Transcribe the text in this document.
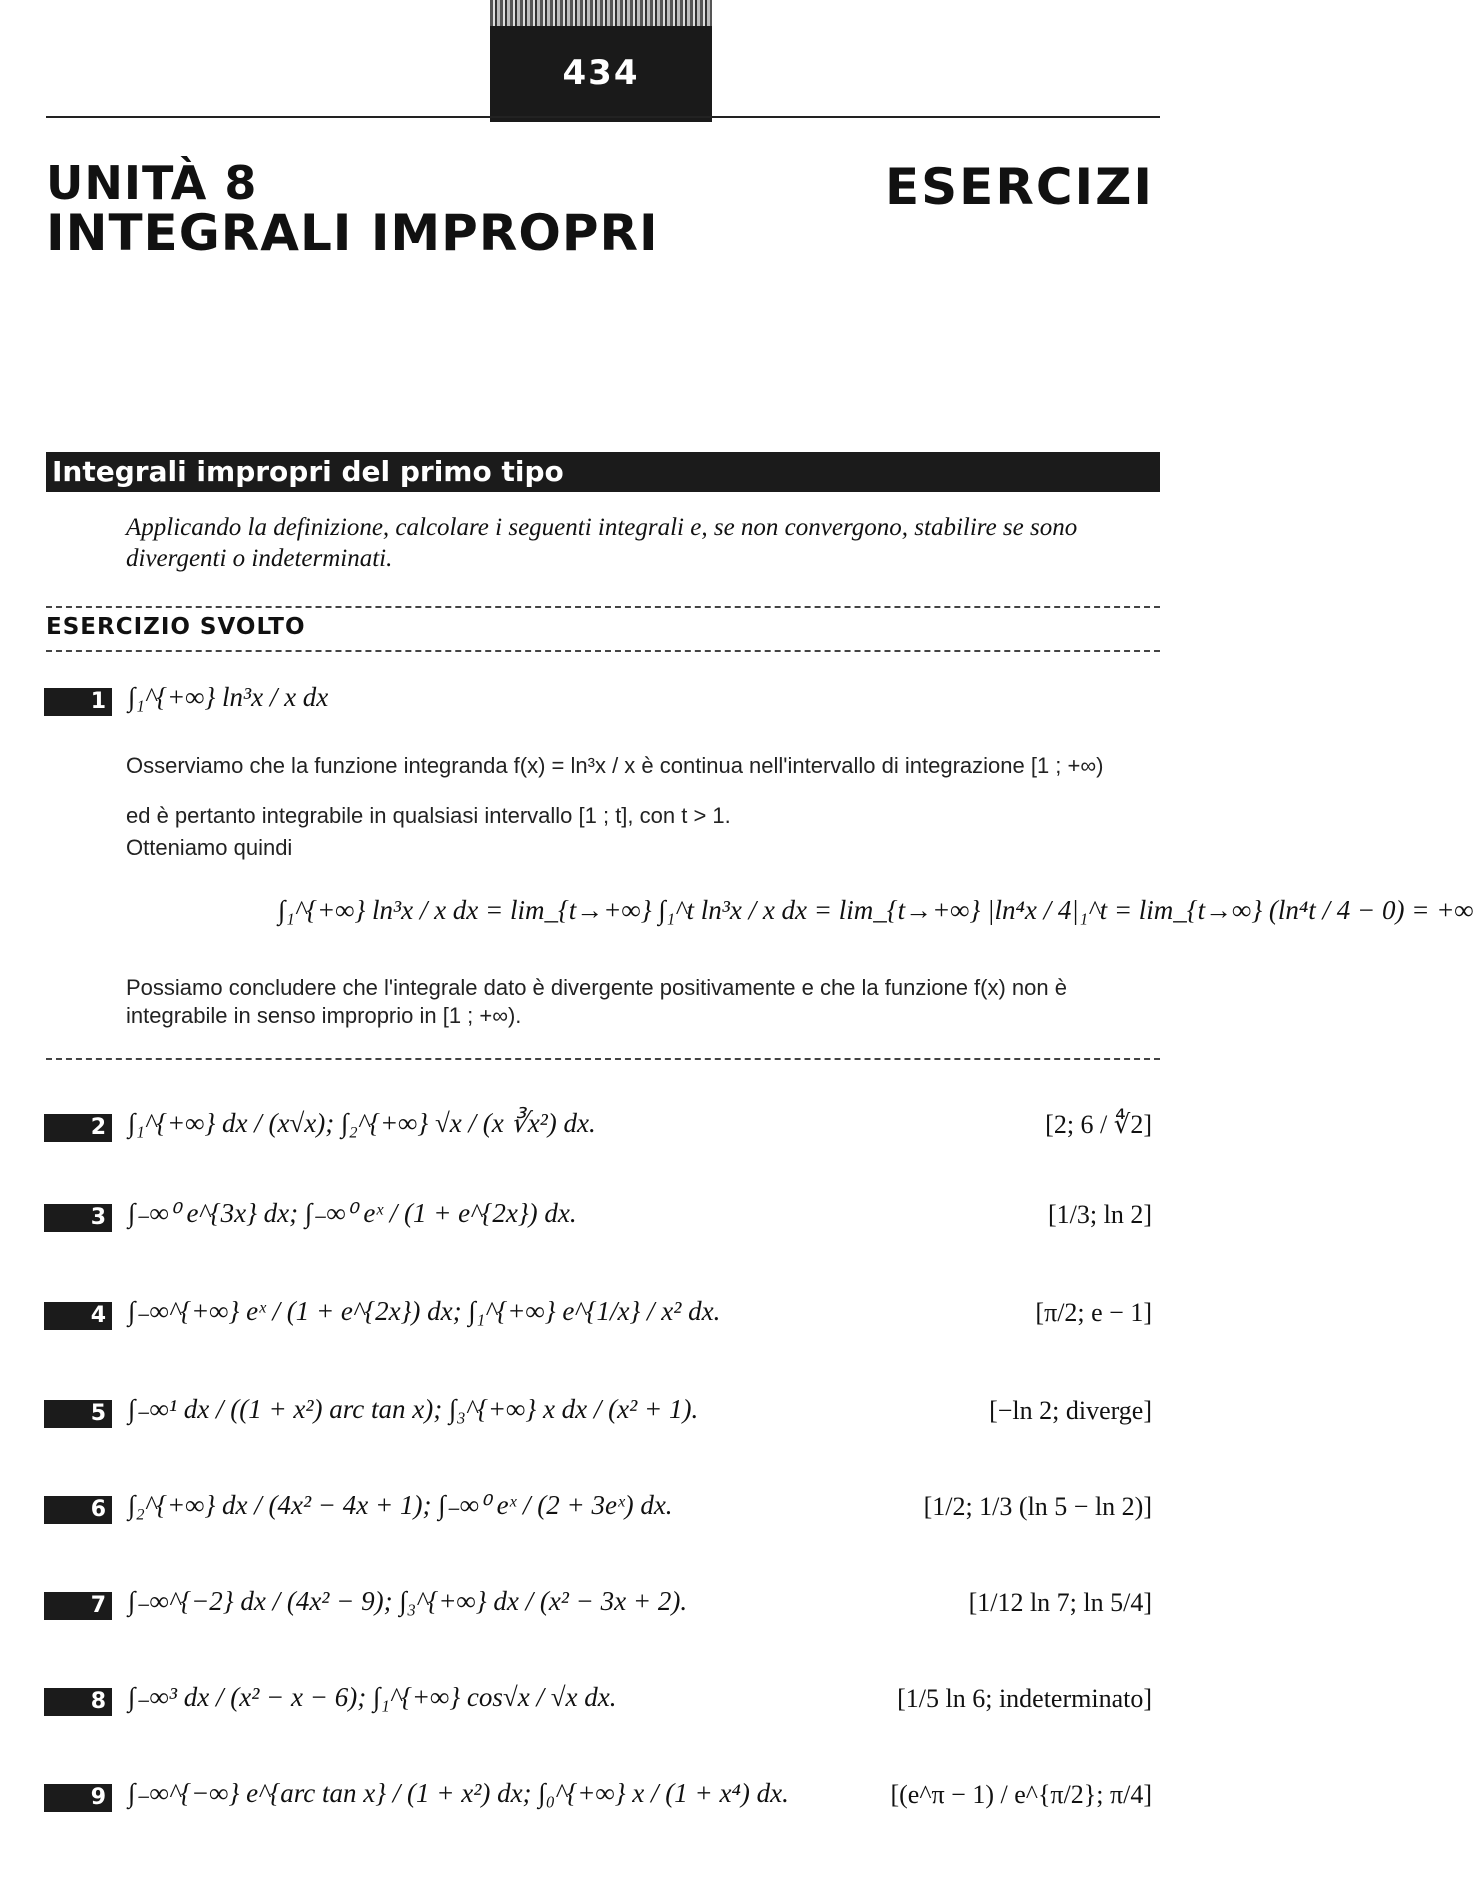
434
UNITÀ 8
INTEGRALI IMPROPRI
ESERCIZI
Integrali impropri del primo tipo
Applicando la definizione, calcolare i seguenti integrali e, se non convergono, stabilire se sono divergenti o indeterminati.
ESERCIZIO SVOLTO
1 ∫₁^{+∞} ln³x / x dx
Osserviamo che la funzione integranda f(x) = ln³x / x è continua nell'intervallo di integrazione [1 ; +∞)
ed è pertanto integrabile in qualsiasi intervallo [1 ; t], con t > 1.
Otteniamo quindi
∫₁^{+∞} ln³x / x dx = lim_{t→+∞} ∫₁^t ln³x / x dx = lim_{t→+∞} |ln⁴x / 4|₁^t = lim_{t→∞} (ln⁴t / 4 − 0) = +∞
Possiamo concludere che l'integrale dato è divergente positivamente e che la funzione f(x) non è integrabile in senso improprio in [1 ; +∞).
2 ∫₁^{+∞} dx / (x√x); ∫₂^{+∞} √x / (x ∛x²) dx.	[2; 6 / ∜2]
3 ∫₋∞⁰ e^{3x} dx; ∫₋∞⁰ eˣ / (1 + e^{2x}) dx.	[1/3; ln 2]
4 ∫₋∞^{+∞} eˣ / (1 + e^{2x}) dx; ∫₁^{+∞} e^{1/x} / x² dx.	[π/2; e − 1]
5 ∫₋∞¹ dx / ((1 + x²) arc tan x); ∫₃^{+∞} x dx / (x² + 1).	[−ln 2; diverge]
6 ∫₂^{+∞} dx / (4x² − 4x + 1); ∫₋∞⁰ eˣ / (2 + 3eˣ) dx.	[1/2; 1/3 (ln 5 − ln 2)]
7 ∫₋∞^{−2} dx / (4x² − 9); ∫₃^{+∞} dx / (x² − 3x + 2).	[1/12 ln 7; ln 5/4]
8 ∫₋∞³ dx / (x² − x − 6); ∫₁^{+∞} cos√x / √x dx.	[1/5 ln 6; indeterminato]
9 ∫₋∞^{−∞} e^{arc tan x} / (1 + x²) dx; ∫₀^{+∞} x / (1 + x⁴) dx.	[(e^π − 1) / e^{π/2}; π/4]
